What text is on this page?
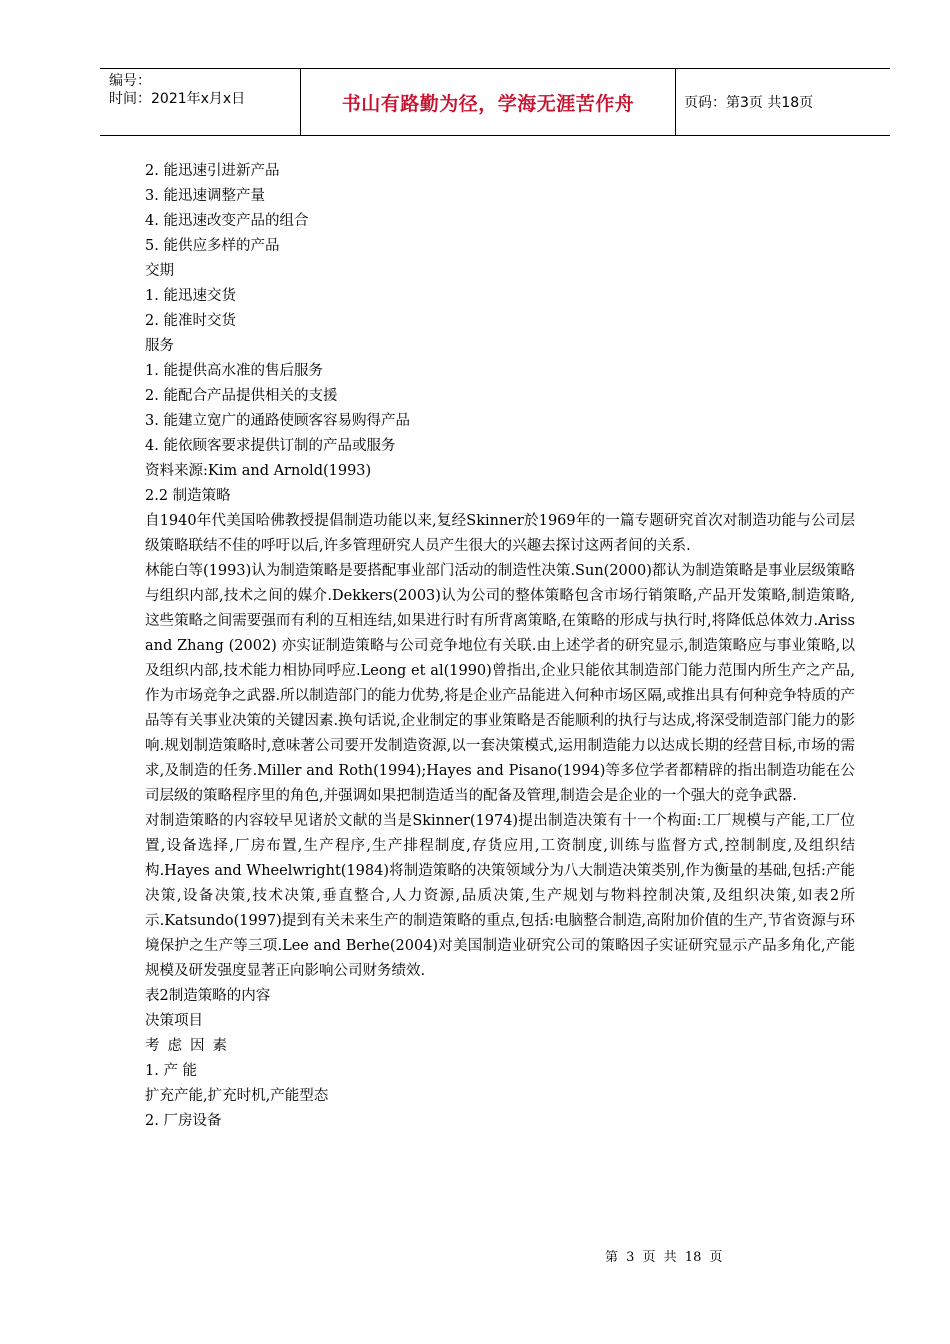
编号：
时间：2021年x月x日	书山有路勤为径，学海无涯苦作舟	页码：第3页 共18页

2. 能迅速引进新产品

3. 能迅速调整产量

4. 能迅速改变产品的组合

5. 能供应多样的产品

交期

1. 能迅速交货

2. 能准时交货

服务

1. 能提供高水准的售后服务

2. 能配合产品提供相关的支援

3. 能建立宽广的通路使顾客容易购得产品

4. 能依顾客要求提供订制的产品或服务

资料来源:Kim and Arnold(1993)

2.2 制造策略

自1940年代美国哈佛教授提倡制造功能以来,复经Skinner於1969年的一篇专题研究首次对制造功能与公司层级策略联结不佳的呼吁以后,许多管理研究人员产生很大的兴趣去探讨这两者间的关系.

林能白等(1993)认为制造策略是要搭配事业部门活动的制造性决策.Sun(2000)都认为制造策略是事业层级策略与组织内部,技术之间的媒介.Dekkers(2003)认为公司的整体策略包含市场行销策略,产品开发策略,制造策略,这些策略之间需要强而有利的互相连结,如果进行时有所背离策略,在策略的形成与执行时,将降低总体效力.Ariss and Zhang (2002) 亦实证制造策略与公司竞争地位有关联.由上述学者的研究显示,制造策略应与事业策略,以及组织内部,技术能力相协同呼应.Leong et al(1990)曾指出,企业只能依其制造部门能力范围内所生产之产品,作为市场竞争之武器.所以制造部门的能力优势,将是企业产品能进入何种市场区隔,或推出具有何种竞争特质的产品等有关事业决策的关键因素.换句话说,企业制定的事业策略是否能顺利的执行与达成,将深受制造部门能力的影响.规划制造策略时,意味著公司要开发制造资源,以一套决策模式,运用制造能力以达成长期的经营目标,市场的需求,及制造的任务.Miller and Roth(1994);Hayes and Pisano(1994)等多位学者都精辟的指出制造功能在公司层级的策略程序里的角色,并强调如果把制造适当的配备及管理,制造会是企业的一个强大的竞争武器.

对制造策略的内容较早见诸於文献的当是Skinner(1974)提出制造决策有十一个构面:工厂规模与产能,工厂位置,设备选择,厂房布置,生产程序,生产排程制度,存货应用,工资制度,训练与监督方式,控制制度,及组织结构.Hayes and Wheelwright(1984)将制造策略的决策领域分为八大制造决策类别,作为衡量的基础,包括:产能决策,设备决策,技术决策,垂直整合,人力资源,品质决策,生产规划与物料控制决策,及组织决策,如表2所示.Katsundo(1997)提到有关未来生产的制造策略的重点,包括:电脑整合制造,高附加价值的生产,节省资源与环境保护之生产等三项.Lee and Berhe(2004)对美国制造业研究公司的策略因子实证研究显示产品多角化,产能规模及研发强度显著正向影响公司财务绩效.

表2制造策略的内容

决策项目

考虑因素

1. 产 能

扩充产能,扩充时机,产能型态

2. 厂房设备

第 3 页 共 18 页
